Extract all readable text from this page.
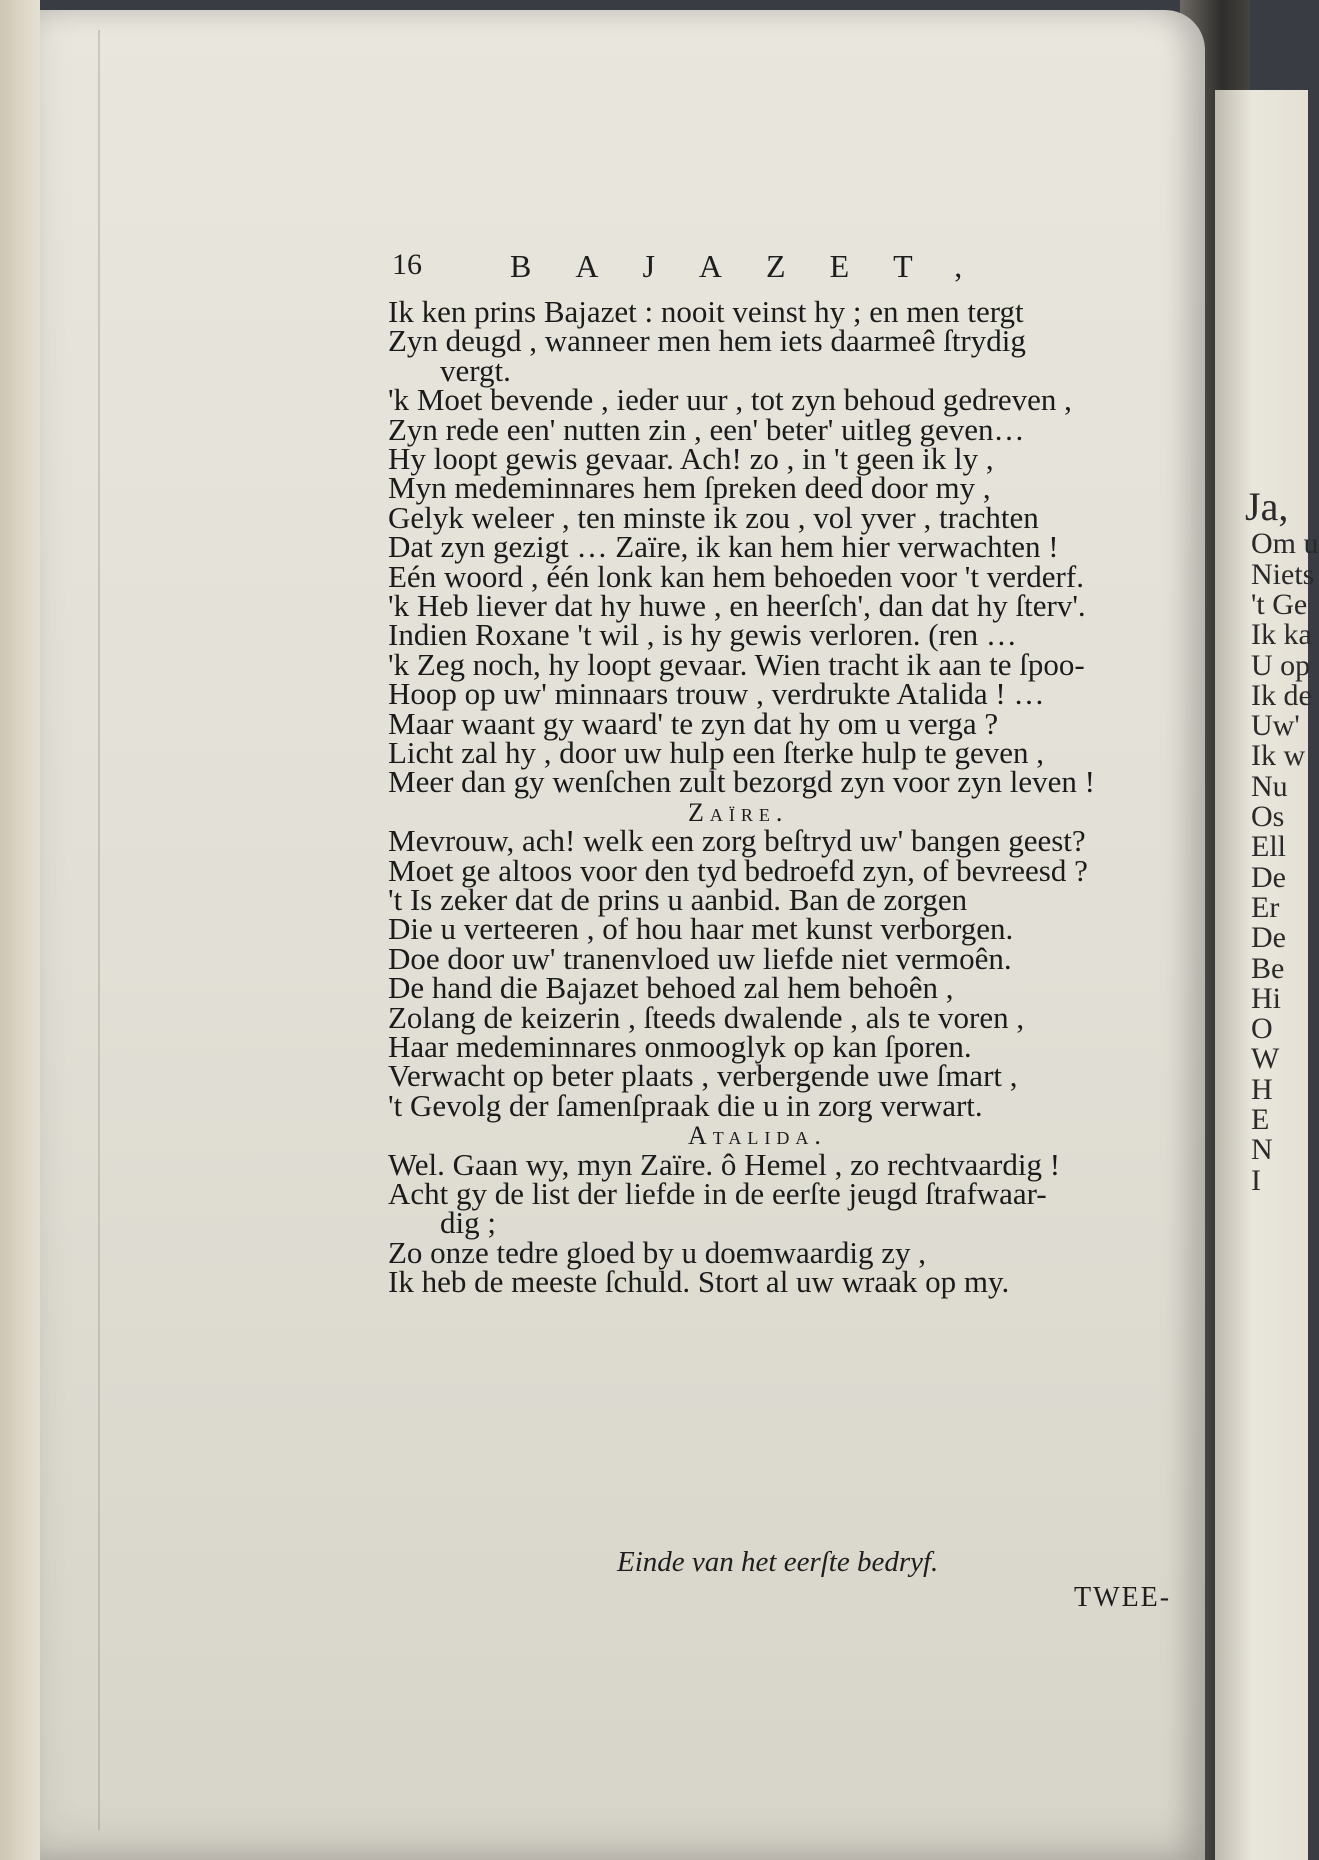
Ja,
Om u
Niets
't Ge
Ik ka
U op
Ik de
Uw'
Ik w
Nu
Os
Ell
De
Er
De
Be
Hi
O
W
H
E
N
I
16	BAJAZET,
Ik ken prins Bajazet : nooit veinst hy ; en men tergt
Zyn deugd , wanneer men hem iets daarmeê ſtrydig
vergt.
'k Moet bevende , ieder uur , tot zyn behoud gedreven ,
Zyn rede een' nutten zin , een' beter' uitleg geven…
Hy loopt gewis gevaar. Ach! zo , in 't geen ik ly ,
Myn medeminnares hem ſpreken deed door my ,
Gelyk weleer , ten minste ik zou , vol yver , trachten
Dat zyn gezigt … Zaïre, ik kan hem hier verwachten !
Eén woord , één lonk kan hem behoeden voor 't verderf.
'k Heb liever dat hy huwe , en heerſch', dan dat hy ſterv'.
Indien Roxane 't wil , is hy gewis verloren. (ren …
'k Zeg noch, hy loopt gevaar. Wien tracht ik aan te ſpoo-
Hoop op uw' minnaars trouw , verdrukte Atalida ! …
Maar waant gy waard' te zyn dat hy om u verga ?
Licht zal hy , door uw hulp een ſterke hulp te geven ,
Meer dan gy wenſchen zult bezorgd zyn voor zyn leven !
Zaïre.
Mevrouw, ach! welk een zorg beſtryd uw' bangen geest?
Moet ge altoos voor den tyd bedroefd zyn, of bevreesd ?
't Is zeker dat de prins u aanbid. Ban de zorgen
Die u verteeren , of hou haar met kunst verborgen.
Doe door uw' tranenvloed uw liefde niet vermoên.
De hand die Bajazet behoed zal hem behoên ,
Zolang de keizerin , ſteeds dwalende , als te voren ,
Haar medeminnares onmooglyk op kan ſporen.
Verwacht op beter plaats , verbergende uwe ſmart ,
't Gevolg der ſamenſpraak die u in zorg verwart.
Atalida.
Wel. Gaan wy, myn Zaïre. ô Hemel , zo rechtvaardig !
Acht gy de list der liefde in de eerſte jeugd ſtrafwaar-
dig ;
Zo onze tedre gloed by u doemwaardig zy ,
Ik heb de meeste ſchuld. Stort al uw wraak op my.
Einde van het eerſte bedryf.
TWEE-
